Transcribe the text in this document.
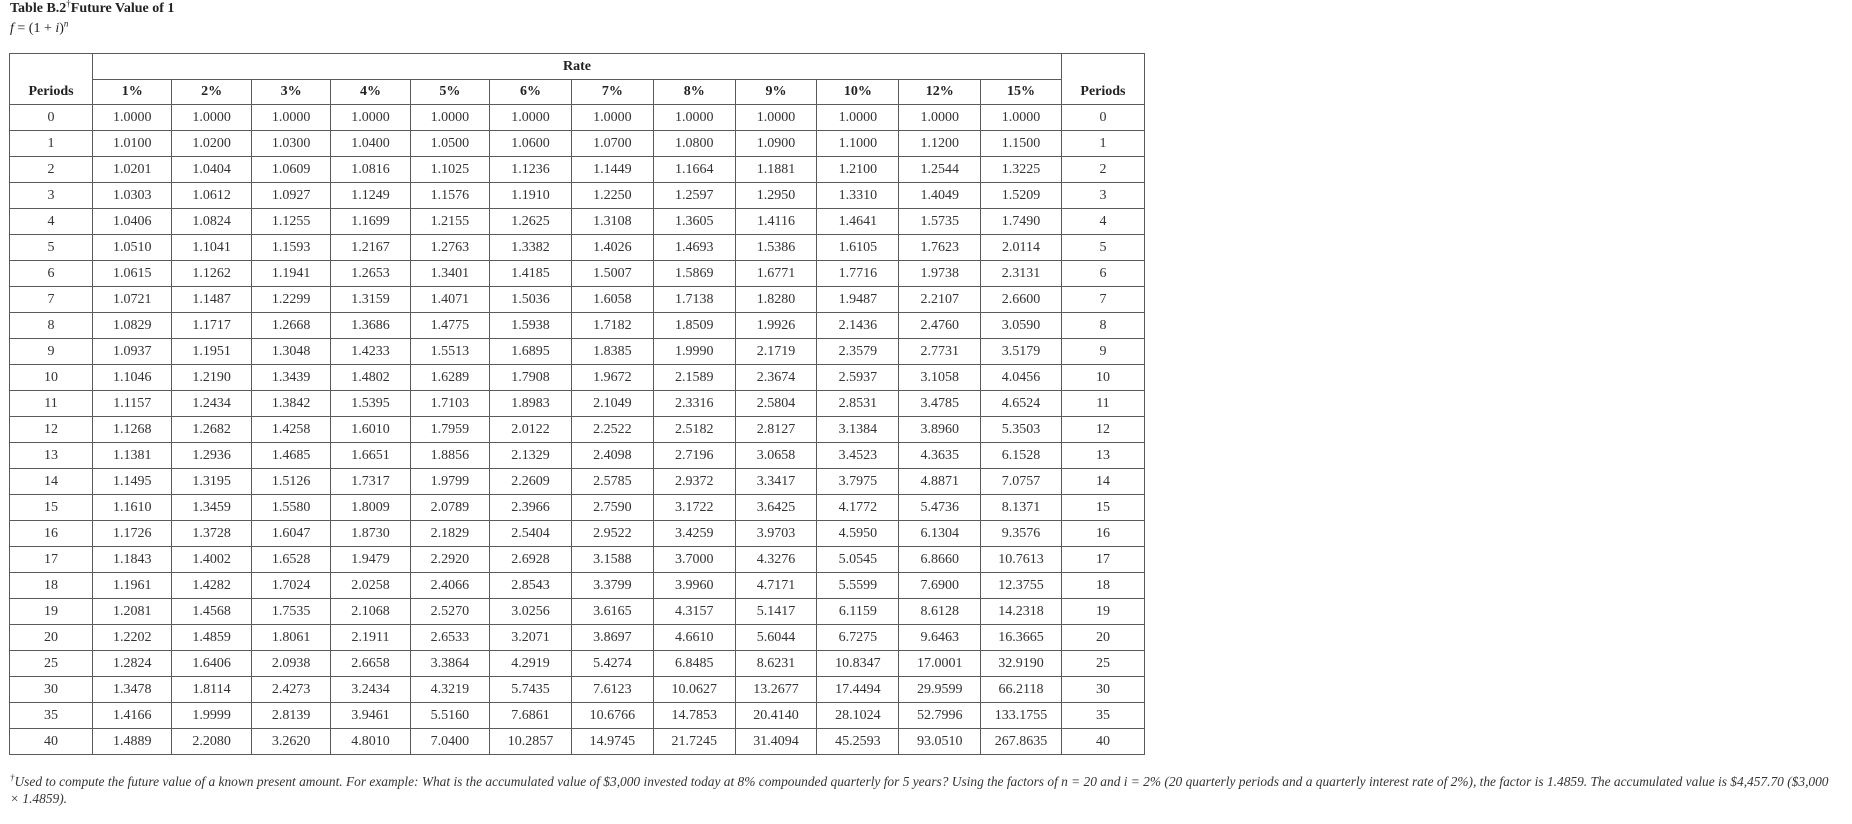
Table B.2†Future Value of 1
$f = (1 + i)^n$
	Rate												
Periods	1%	2%	3%	4%	5%	6%	7%	8%	9%	10%	12%	15%	Periods
0	1.0000	1.0000	1.0000	1.0000	1.0000	1.0000	1.0000	1.0000	1.0000	1.0000	1.0000	1.0000	0
1	1.0100	1.0200	1.0300	1.0400	1.0500	1.0600	1.0700	1.0800	1.0900	1.1000	1.1200	1.1500	1
2	1.0201	1.0404	1.0609	1.0816	1.1025	1.1236	1.1449	1.1664	1.1881	1.2100	1.2544	1.3225	2
3	1.0303	1.0612	1.0927	1.1249	1.1576	1.1910	1.2250	1.2597	1.2950	1.3310	1.4049	1.5209	3
4	1.0406	1.0824	1.1255	1.1699	1.2155	1.2625	1.3108	1.3605	1.4116	1.4641	1.5735	1.7490	4
5	1.0510	1.1041	1.1593	1.2167	1.2763	1.3382	1.4026	1.4693	1.5386	1.6105	1.7623	2.0114	5
6	1.0615	1.1262	1.1941	1.2653	1.3401	1.4185	1.5007	1.5869	1.6771	1.7716	1.9738	2.3131	6
7	1.0721	1.1487	1.2299	1.3159	1.4071	1.5036	1.6058	1.7138	1.8280	1.9487	2.2107	2.6600	7
8	1.0829	1.1717	1.2668	1.3686	1.4775	1.5938	1.7182	1.8509	1.9926	2.1436	2.4760	3.0590	8
9	1.0937	1.1951	1.3048	1.4233	1.5513	1.6895	1.8385	1.9990	2.1719	2.3579	2.7731	3.5179	9
10	1.1046	1.2190	1.3439	1.4802	1.6289	1.7908	1.9672	2.1589	2.3674	2.5937	3.1058	4.0456	10
11	1.1157	1.2434	1.3842	1.5395	1.7103	1.8983	2.1049	2.3316	2.5804	2.8531	3.4785	4.6524	11
12	1.1268	1.2682	1.4258	1.6010	1.7959	2.0122	2.2522	2.5182	2.8127	3.1384	3.8960	5.3503	12
13	1.1381	1.2936	1.4685	1.6651	1.8856	2.1329	2.4098	2.7196	3.0658	3.4523	4.3635	6.1528	13
14	1.1495	1.3195	1.5126	1.7317	1.9799	2.2609	2.5785	2.9372	3.3417	3.7975	4.8871	7.0757	14
15	1.1610	1.3459	1.5580	1.8009	2.0789	2.3966	2.7590	3.1722	3.6425	4.1772	5.4736	8.1371	15
16	1.1726	1.3728	1.6047	1.8730	2.1829	2.5404	2.9522	3.4259	3.9703	4.5950	6.1304	9.3576	16
17	1.1843	1.4002	1.6528	1.9479	2.2920	2.6928	3.1588	3.7000	4.3276	5.0545	6.8660	10.7613	17
18	1.1961	1.4282	1.7024	2.0258	2.4066	2.8543	3.3799	3.9960	4.7171	5.5599	7.6900	12.3755	18
19	1.2081	1.4568	1.7535	2.1068	2.5270	3.0256	3.6165	4.3157	5.1417	6.1159	8.6128	14.2318	19
20	1.2202	1.4859	1.8061	2.1911	2.6533	3.2071	3.8697	4.6610	5.6044	6.7275	9.6463	16.3665	20
25	1.2824	1.6406	2.0938	2.6658	3.3864	4.2919	5.4274	6.8485	8.6231	10.8347	17.0001	32.9190	25
30	1.3478	1.8114	2.4273	3.2434	4.3219	5.7435	7.6123	10.0627	13.2677	17.4494	29.9599	66.2118	30
35	1.4166	1.9999	2.8139	3.9461	5.5160	7.6861	10.6766	14.7853	20.4140	28.1024	52.7996	133.1755	35
40	1.4889	2.2080	3.2620	4.8010	7.0400	10.2857	14.9745	21.7245	31.4094	45.2593	93.0510	267.8635	40
†Used to compute the future value of a known present amount. For example: What is the accumulated value of $3,000 invested today at 8% compounded quarterly for 5 years? Using the factors of n = 20 and i = 2% (20 quarterly periods and a quarterly interest rate of 2%), the factor is 1.4859. The accumulated value is $4,457.70 ($3,000 × 1.4859).
